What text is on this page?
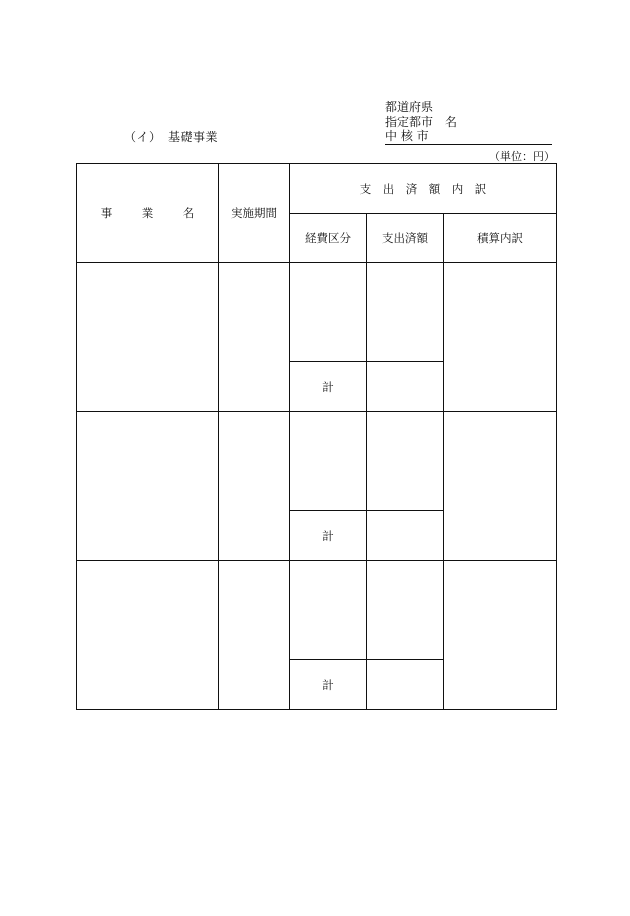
（イ）　基礎事業
都道府県
指定都市　名
中 核 市
（単位：円）
事　業　名	実施期間	支　出　済　額　内　訳		
		経費区分	支出済額	積算内訳

		計		

		計		

		計		
